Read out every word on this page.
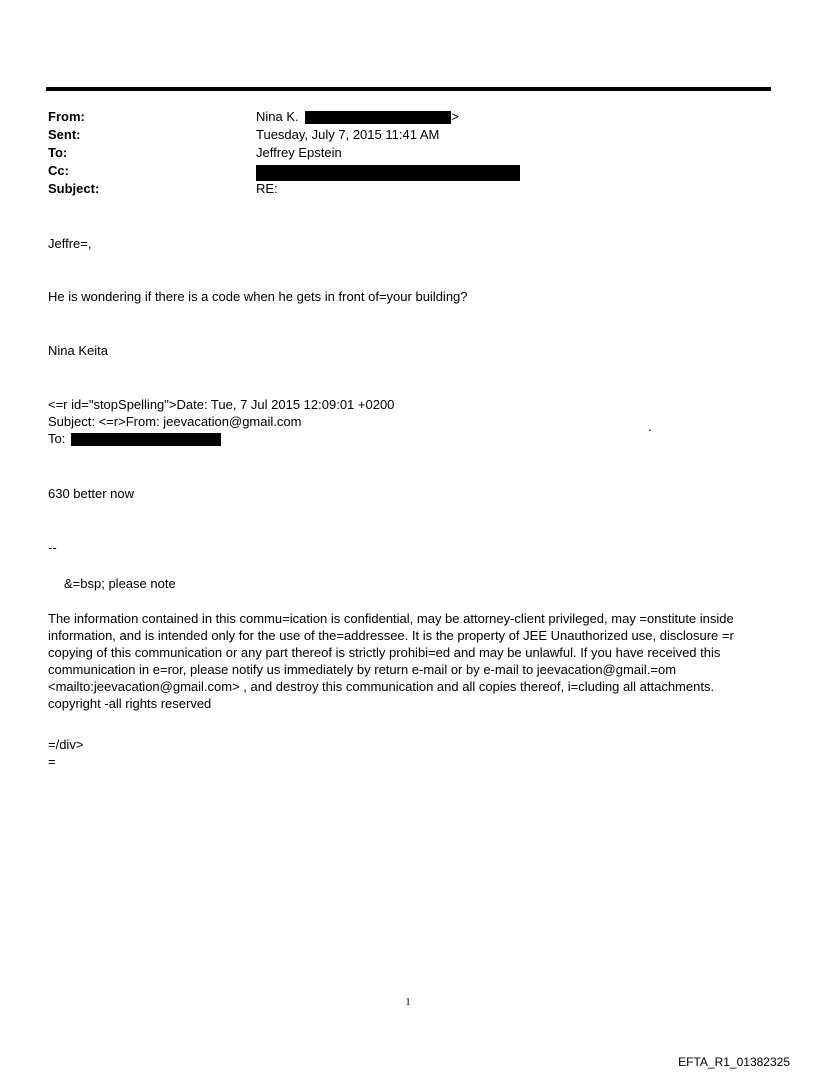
From:	Nina K.	>
Sent:	Tuesday, July 7, 2015 11:41 AM
To:	Jeffrey Epstein
Cc:
Subject:	RE:
Jeffre=,
He is wondering if there is a code when he gets in front of=your building?
Nina Keita
<=r id="stopSpelling">Date: Tue, 7 Jul 2015 12:09:01 +0200
Subject: <=r>From: jeevacation@gmail.com
To:
.
630 better now
--
&=bsp; please note
The information contained in this commu=ication is confidential, may be attorney-client privileged, may =onstitute inside information, and is intended only for the use of the=addressee. It is the property of JEE Unauthorized use, disclosure =r copying of this communication or any part thereof is strictly prohibi=ed and may be unlawful. If you have received this communication in e=ror, please notify us immediately by return e-mail or by e-mail to jeevacation@gmail.=om <mailto:jeevacation@gmail.com> , and destroy this communication and all copies thereof, i=cluding all attachments. copyright -all rights reserved
=/div>
=
1
EFTA_R1_01382325
